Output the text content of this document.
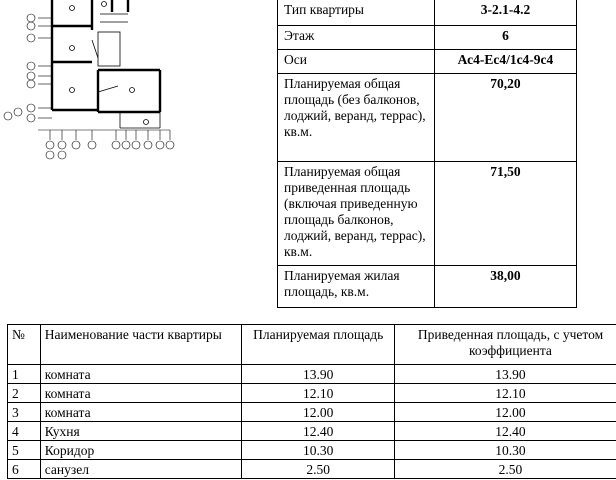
Тип квартиры	3-2.1-4.2
Этаж	6
Оси	Ас4-Ес4/1с4-9с4
Планируемая общая площадь (без балконов, лоджий, веранд, террас), кв.м.	70,20
Планируемая общая приведенная площадь (включая приведенную площадь балконов, лоджий, веранд, террас), кв.м.	71,50
Планируемая жилая площадь, кв.м.	38,00
№	Наименование части квартиры	Планируемая площадь	Приведенная площадь, с учетом коэффициента
1	комната	13.90	13.90
2	комната	12.10	12.10
3	комната	12.00	12.00
4	Кухня	12.40	12.40
5	Коридор	10.30	10.30
6	санузел	2.50	2.50
